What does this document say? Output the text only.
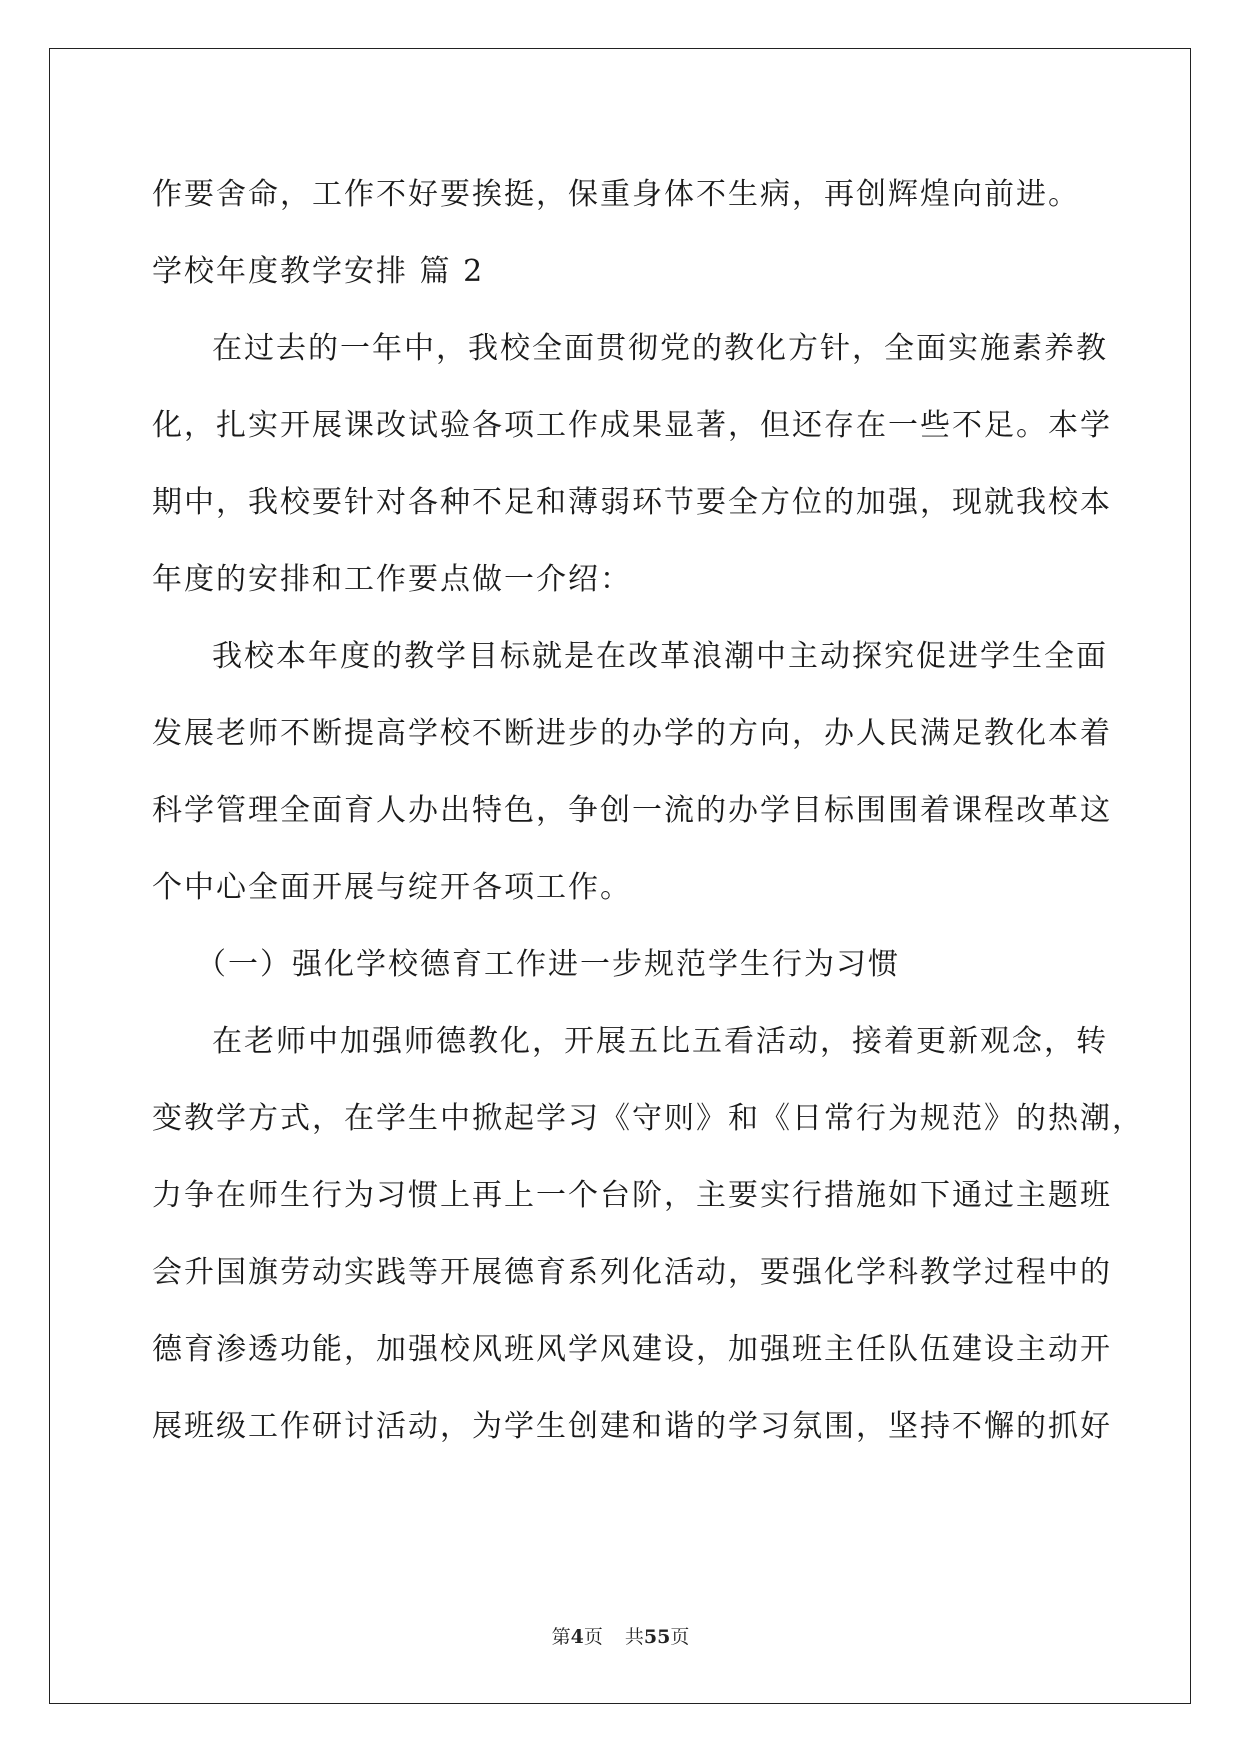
作要舍命，工作不好要挨挺，保重身体不生病，再创辉煌向前进。
学校年度教学安排 篇 2
在过去的一年中，我校全面贯彻党的教化方针，全面实施素养教
化，扎实开展课改试验各项工作成果显著，但还存在一些不足。本学
期中，我校要针对各种不足和薄弱环节要全方位的加强，现就我校本
年度的安排和工作要点做一介绍：
我校本年度的教学目标就是在改革浪潮中主动探究促进学生全面
发展老师不断提高学校不断进步的办学的方向，办人民满足教化本着
科学管理全面育人办出特色，争创一流的办学目标围围着课程改革这
个中心全面开展与绽开各项工作。
（一）强化学校德育工作进一步规范学生行为习惯
在老师中加强师德教化，开展五比五看活动，接着更新观念，转
变教学方式，在学生中掀起学习《守则》和《日常行为规范》的热潮，
力争在师生行为习惯上再上一个台阶，主要实行措施如下通过主题班
会升国旗劳动实践等开展德育系列化活动，要强化学科教学过程中的
德育渗透功能，加强校风班风学风建设，加强班主任队伍建设主动开
展班级工作研讨活动，为学生创建和谐的学习氛围，坚持不懈的抓好
第4页 共55页
